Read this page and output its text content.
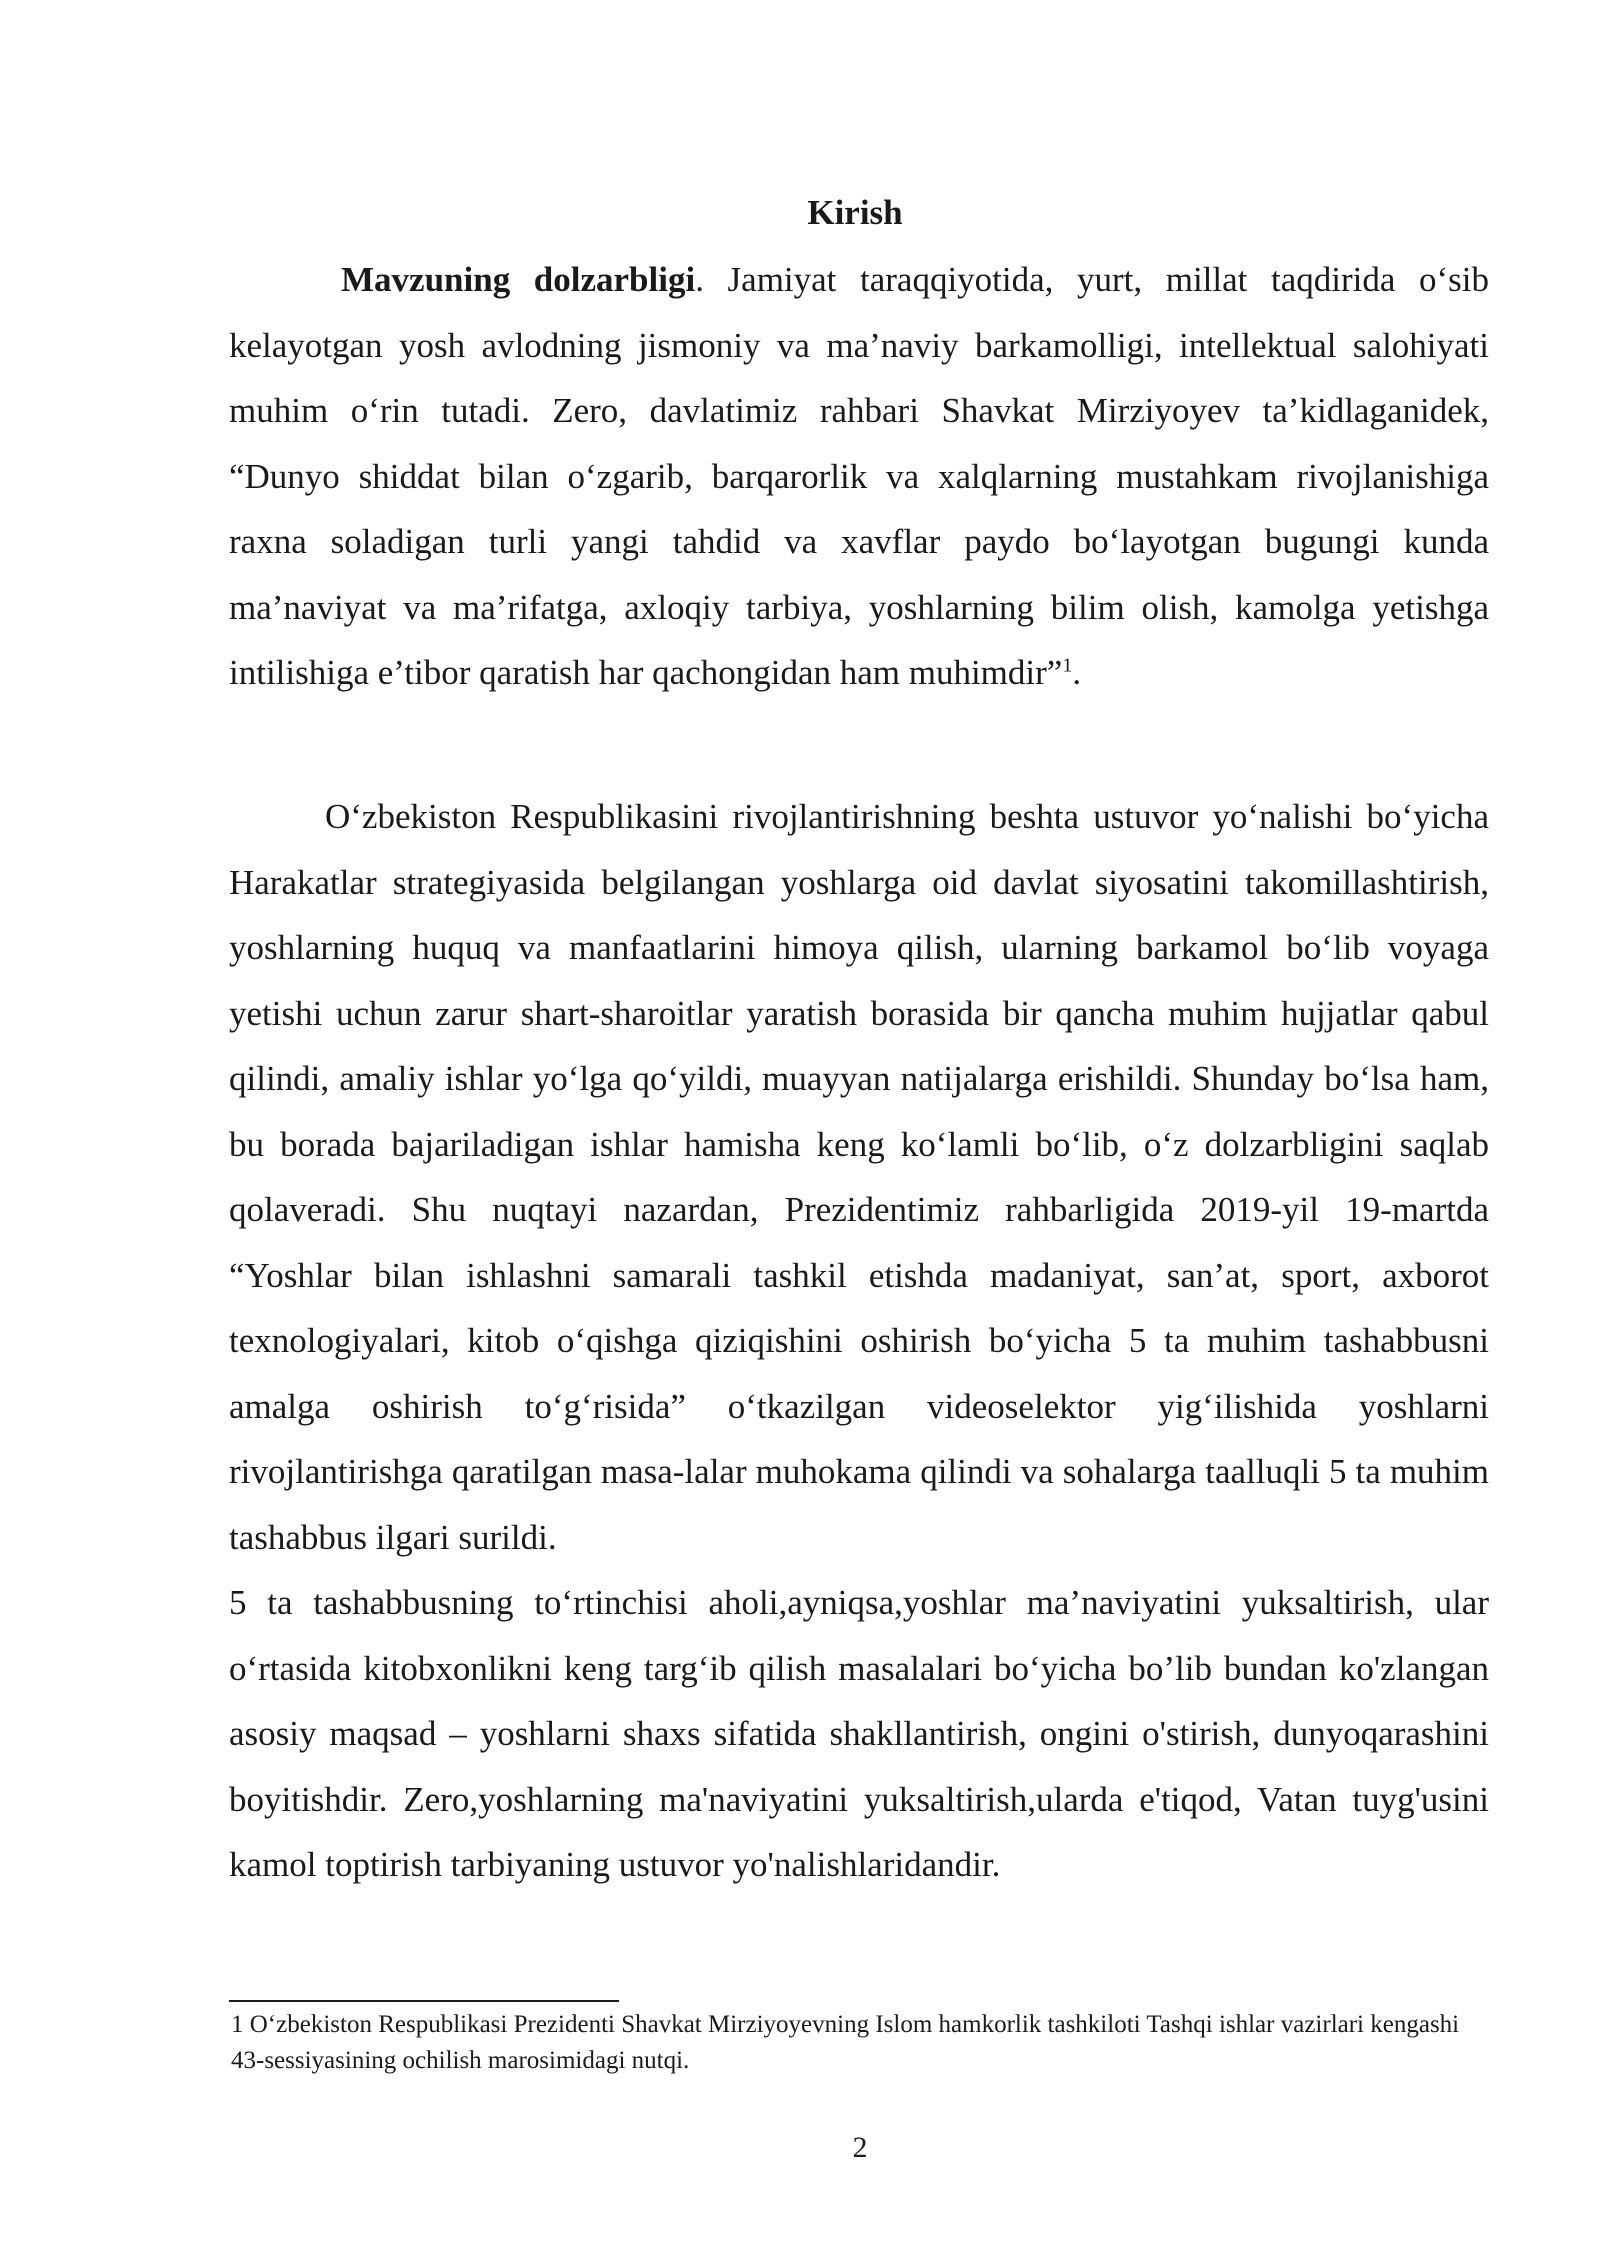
Kirish

Mavzuning dolzarbligi. Jamiyat taraqqiyotida, yurt, millat taqdirida o‘sib kelayotgan yosh avlodning jismoniy va ma’naviy barkamolligi, intellektual salohiyati muhim o‘rin tutadi. Zero, davlatimiz rahbari Shavkat Mirziyoyev ta’kidlaganidek, “Dunyo shiddat bilan o‘zgarib, barqarorlik va xalqlarning mustahkam rivojlanishiga raxna soladigan turli yangi tahdid va xavflar paydo bo‘layotgan bugungi kunda ma’naviyat va ma’rifatga, axloqiy tarbiya, yoshlarning bilim olish, kamolga yetishga intilishiga e’tibor qaratish har qachongidan ham muhimdir”$^1$.

O‘zbekiston Respublikasini rivojlantirishning beshta ustuvor yo‘nalishi bo‘yicha Harakatlar strategiyasida belgilangan yoshlarga oid davlat siyosatini takomillashtirish, yoshlarning huquq va manfaatlarini himoya qilish, ularning barkamol bo‘lib voyaga yetishi uchun zarur shart-sharoitlar yaratish borasida bir qancha muhim hujjatlar qabul qilindi, amaliy ishlar yo‘lga qo‘yildi, muayyan natijalarga erishildi. Shunday bo‘lsa ham, bu borada bajariladigan ishlar hamisha keng ko‘lamli bo‘lib, o‘z dolzarbligini saqlab qolaveradi. Shu nuqtayi nazardan, Prezidentimiz rahbarligida 2019-yil 19-martda “Yoshlar bilan ishlashni samarali tashkil etishda madaniyat, san’at, sport, axborot texnologiyalari, kitob o‘qishga qiziqishini oshirish bo‘yicha 5 ta muhim tashabbusni amalga oshirish to‘g‘risida” o‘tkazilgan videoselektor yig‘ilishida yoshlarni rivojlantirishga qaratilgan masa-lalar muhokama qilindi va sohalarga taalluqli 5 ta muhim tashabbus ilgari surildi.

5 ta tashabbusning to‘rtinchisi aholi,ayniqsa,yoshlar ma’naviyatini yuksaltirish, ular o‘rtasida kitobxonlikni keng targ‘ib qilish masalalari bo‘yicha bo’lib bundan ko'zlangan asosiy maqsad – yoshlarni shaxs sifatida shakllantirish, ongini o'stirish, dunyoqarashini boyitishdir. Zero,yoshlarning ma'naviyatini yuksaltirish,ularda e'tiqod, Vatan tuyg'usini kamol toptirish tarbiyaning ustuvor yo'nalishlaridandir.

1 O‘zbekiston Respublikasi Prezidenti Shavkat Mirziyoyevning Islom hamkorlik tashkiloti Tashqi ishlar vazirlari kengashi 43-sessiyasining ochilish marosimidagi nutqi.

2
